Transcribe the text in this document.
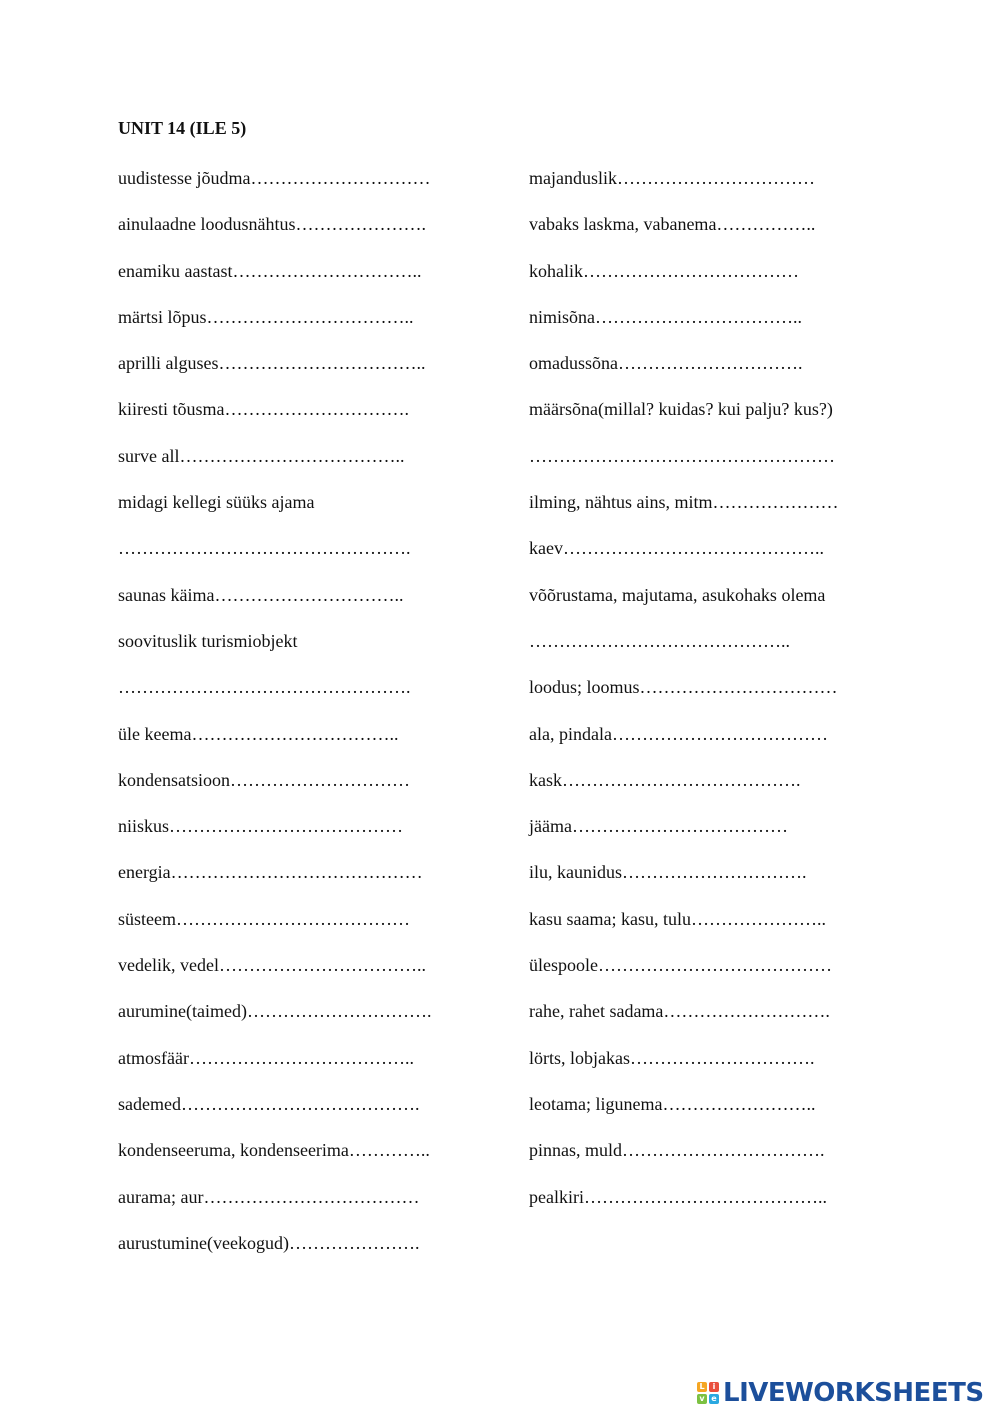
UNIT 14 (ILE 5)
uudistesse jõudma…………………………
ainulaadne loodusnähtus………………….
enamiku aastast…………………………..
märtsi lõpus……………………………..
aprilli alguses……………………………..
kiiresti tõusma………………………….
surve all………………………………..
midagi kellegi süüks ajama
………………………………………….
saunas käima…………………………..
soovituslik turismiobjekt
………………………………………….
üle keema……………………………..
kondensatsioon…………………………
niiskus…………………………………
energia……………………………………
süsteem…………………………………
vedelik, vedel……………………………..
aurumine(taimed)………………………….
atmosfäär………………………………..
sademed………………………………….
kondenseeruma, kondenseerima…………..
aurama; aur………………………………
aurustumine(veekogud)………………….
majanduslik……………………………
vabaks laskma, vabanema……………..
kohalik………………………………
nimisõna……………………………..
omadussõna………………………….
määrsõna(millal? kuidas? kui palju? kus?)
……………………………………………
ilming, nähtus ains, mitm…………………
kaev……………………………………..
võõrustama, majutama, asukohaks olema
……………………………………..
loodus; loomus……………………………
ala, pindala………………………………
kask………………………………….
jääma………………………………
ilu, kaunidus………………………….
kasu saama; kasu, tulu…………………..
ülespoole…………………………………
rahe, rahet sadama……………………….
lörts, lobjakas………………………….
leotama; ligunema……………………..
pinnas, muld…………………………….
pealkiri…………………………………..
L	i
v e LIVEWORKSHEETS
